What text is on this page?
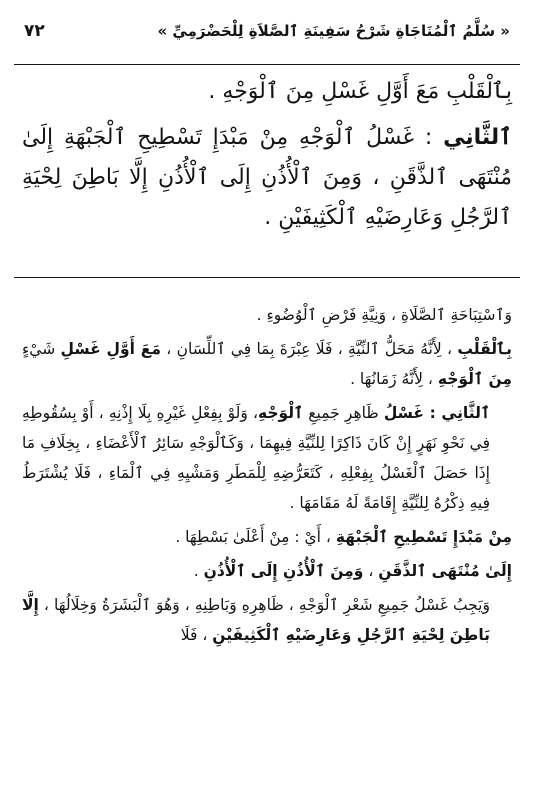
٧٢	« سُلَّمُ ٱلْمُنَاجَاةِ شَرْحُ سَفِينَةِ ٱلصَّلاَةِ لِلْحَضْرَمِيِّ »

بِٱلْقَلْبِ مَعَ أَوَّلِ غَسْلِ مِنَ ٱلْوَجْهِ .

ٱلثَّانِي : غَسْلُ ٱلْوَجْهِ مِنْ مَبْدَإِ تَسْطِيحِ ٱلْجَبْهَةِ إِلَىٰ مُنْتَهَى ٱلذَّقَنِ ، وَمِنَ ٱلْأُذُنِ إِلَى ٱلْأُذُنِ إِلَّا بَاطِنَ لِحْيَةِ ٱلرَّجُلِ وَعَارِضَيْهِ ٱلْكَثِيفَيْنِ .

وَٱسْتِبَاحَةِ ٱلصَّلَاةِ ، وَنِيَّةِ فَرْضِ ٱلْوُضُوءِ .

بِٱلْقَلْبِ ، لِأَنَّهُ مَحَلُّ ٱلنِّيَّةِ ، فَلَا عِبْرَةَ بِمَا فِي ٱللِّسَانِ ، مَعَ أَوَّلِ غَسْلِ شَيْءٍ مِنَ ٱلْوَجْهِ ، لِأَنَّهُ زَمَانُهَا .

ٱلثَّانِي : غَسْلُ ظَاهِرِ جَمِيعِ ٱلْوَجْهِ، وَلَوْ بِفِعْلِ غَيْرِهِ بِلَا إِذْنِهِ ، أَوْ بِسُقُوطِهِ فِي نَحْوِ نَهَرٍ إِنْ كَانَ ذَاكِرًا لِلنِّيَّةِ فِيهِمَا ، وَكَٱلْوَجْهِ سَائِرُ ٱلْأَعْضَاءِ ، بِخِلَافِ مَا إِذَا حَصَلَ ٱلْغَسْلُ بِفِعْلِهِ ، كَتَعَرُّضِهِ لِلْمَطَرِ وَمَشْيِهِ فِي ٱلْمَاءِ ، فَلَا يُشْتَرَطُ فِيهِ ذِكْرُهُ لِلنِّيَّةِ إِقَامَةً لَهُ مَقَامَهَا .

مِنْ مَبْدَإِ تَسْطِيحِ ٱلْجَبْهَةِ ، أَيْ : مِنْ أَعْلَىٰ بَسْطِهَا .

إِلَىٰ مُنْتَهَى ٱلذَّقَنِ ، وَمِنَ ٱلْأُذُنِ إِلَى ٱلْأُذُنِ .

وَيَجِبُ غَسْلُ جَمِيعِ شَعْرِ ٱلْوَجْهِ ، ظَاهِرِهِ وَبَاطِنِهِ ، وَهُوَ ٱلْبَشَرَةُ وَخِلَالُهَا ، إِلَّا بَاطِنَ لِحْيَةِ ٱلرَّجُلِ وَعَارِضَيْهِ ٱلْكَثِيفَيْنِ ، فَلَا
